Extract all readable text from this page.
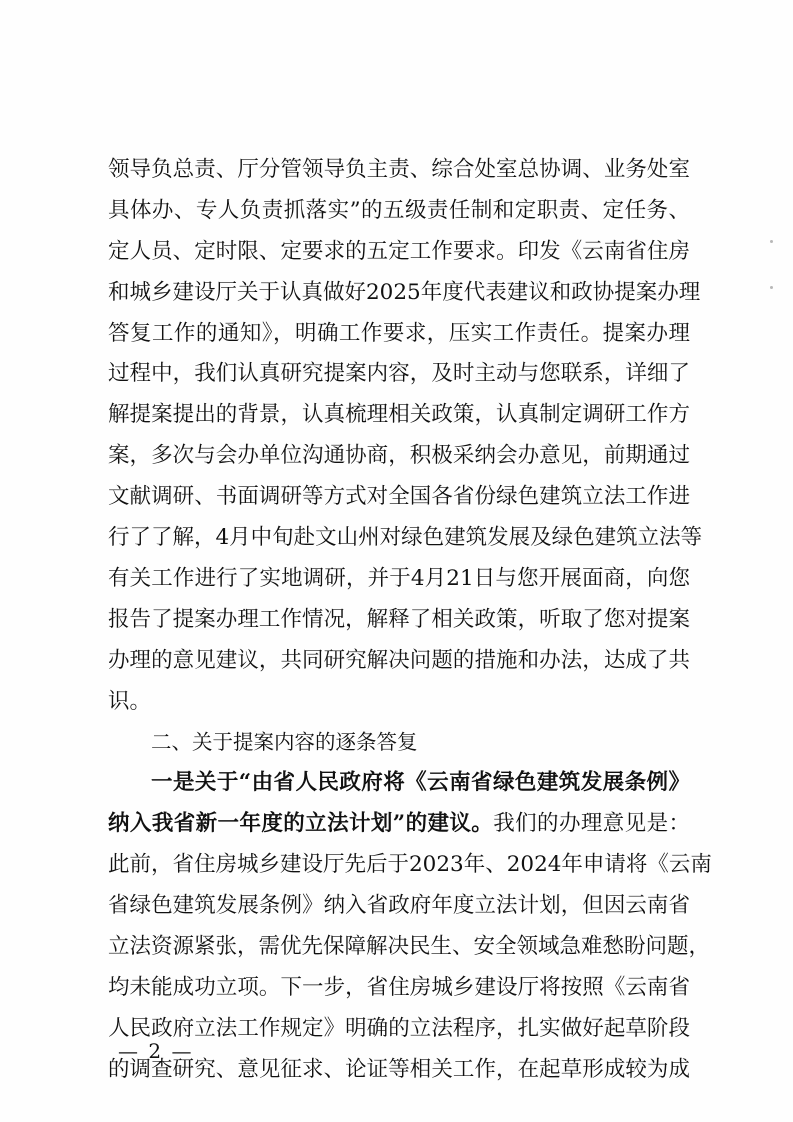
领导负总责、厅分管领导负主责、综合处室总协调、业务处室
具体办、专人负责抓落实”的五级责任制和定职责、定任务、
定人员、定时限、定要求的五定工作要求。印发《云南省住房
和城乡建设厅关于认真做好2025年度代表建议和政协提案办理
答复工作的通知》，明确工作要求，压实工作责任。提案办理
过程中，我们认真研究提案内容，及时主动与您联系，详细了
解提案提出的背景，认真梳理相关政策，认真制定调研工作方
案，多次与会办单位沟通协商，积极采纳会办意见，前期通过
文献调研、书面调研等方式对全国各省份绿色建筑立法工作进
行了了解，4月中旬赴文山州对绿色建筑发展及绿色建筑立法等
有关工作进行了实地调研，并于4月21日与您开展面商，向您
报告了提案办理工作情况，解释了相关政策，听取了您对提案
办理的意见建议，共同研究解决问题的措施和办法，达成了共
识。
二、关于提案内容的逐条答复
一是关于“由省人民政府将《云南省绿色建筑发展条例》
纳入我省新一年度的立法计划”的建议。我们的办理意见是：
此前，省住房城乡建设厅先后于2023年、2024年申请将《云南
省绿色建筑发展条例》纳入省政府年度立法计划，但因云南省
立法资源紧张，需优先保障解决民生、安全领域急难愁盼问题，
均未能成功立项。下一步，省住房城乡建设厅将按照《云南省
人民政府立法工作规定》明确的立法程序，扎实做好起草阶段
的调查研究、意见征求、论证等相关工作，在起草形成较为成
— 2 —
